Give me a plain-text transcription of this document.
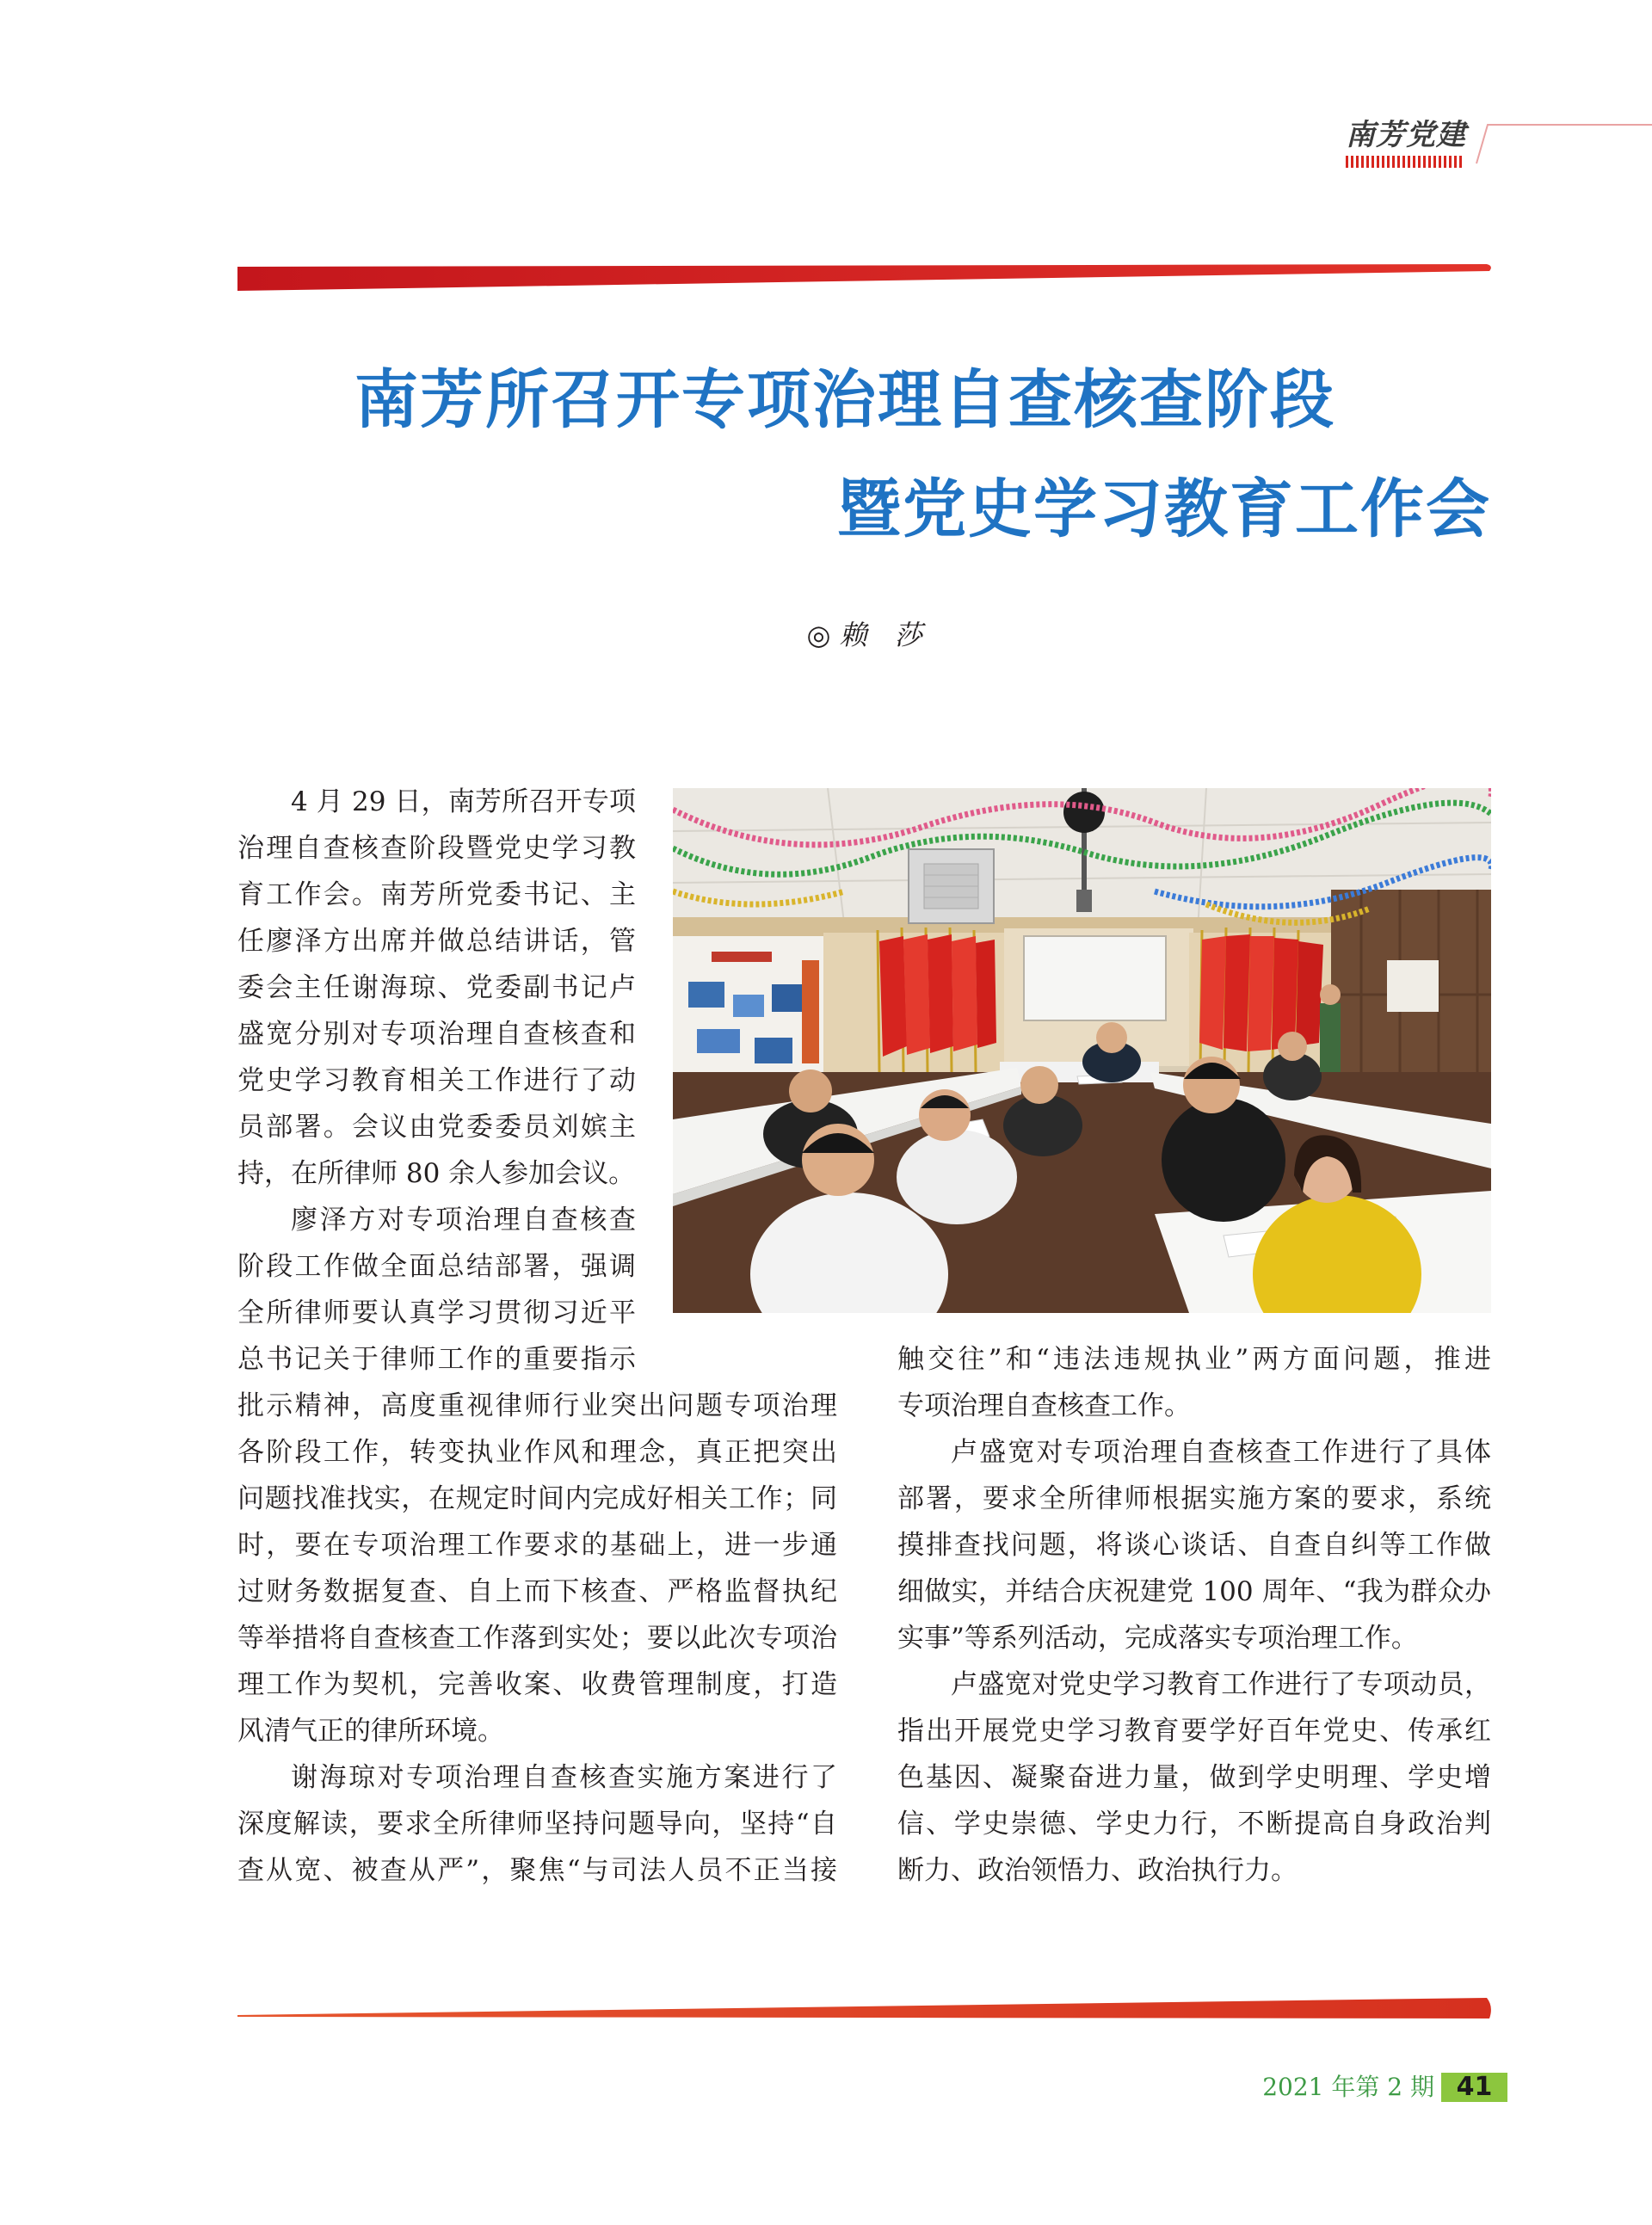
南芳党建
南芳所召开专项治理自查核查阶段
暨党史学习教育工作会
◎ 赖　莎
4 月 29 日，南芳所召开专项
治理自查核查阶段暨党史学习教
育工作会。南芳所党委书记、主
任廖泽方出席并做总结讲话，管
委会主任谢海琼、党委副书记卢
盛宽分别对专项治理自查核查和
党史学习教育相关工作进行了动
员部署。会议由党委委员刘嫔主
持，在所律师 80 余人参加会议。
廖泽方对专项治理自查核查
阶段工作做全面总结部署，强调
全所律师要认真学习贯彻习近平
总书记关于律师工作的重要指示
批示精神，高度重视律师行业突出问题专项治理
各阶段工作，转变执业作风和理念，真正把突出
问题找准找实，在规定时间内完成好相关工作；同
时，要在专项治理工作要求的基础上，进一步通
过财务数据复查、自上而下核查、严格监督执纪
等举措将自查核查工作落到实处；要以此次专项治
理工作为契机，完善收案、收费管理制度，打造
风清气正的律所环境。
谢海琼对专项治理自查核查实施方案进行了
深度解读，要求全所律师坚持问题导向，坚持“自
查从宽、被查从严”，聚焦“与司法人员不正当接
触交往”和“违法违规执业”两方面问题，推进
专项治理自查核查工作。
卢盛宽对专项治理自查核查工作进行了具体
部署，要求全所律师根据实施方案的要求，系统
摸排查找问题，将谈心谈话、自查自纠等工作做
细做实，并结合庆祝建党 100 周年、“我为群众办
实事”等系列活动，完成落实专项治理工作。
卢盛宽对党史学习教育工作进行了专项动员，
指出开展党史学习教育要学好百年党史、传承红
色基因、凝聚奋进力量，做到学史明理、学史增
信、学史崇德、学史力行，不断提高自身政治判
断力、政治领悟力、政治执行力。
2021 年第 2 期 41
